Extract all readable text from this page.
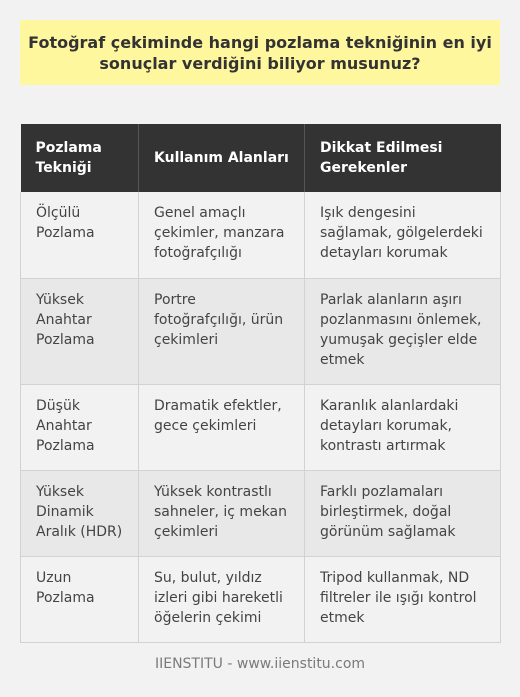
Fotoğraf çekiminde hangi pozlama tekniğinin en iyi
sonuçlar verdiğini biliyor musunuz?
Pozlama Tekniği	Kullanım Alanları	Dikkat Edilmesi Gerekenler
Ölçülü Pozlama	Genel amaçlı çekimler, manzara fotoğrafçılığı	Işık dengesini sağlamak, gölgelerdeki detayları korumak
Yüksek Anahtar Pozlama	Portre fotoğrafçılığı, ürün çekimleri	Parlak alanların aşırı pozlanmasını önlemek, yumuşak geçişler elde etmek
Düşük Anahtar Pozlama	Dramatik efektler, gece çekimleri	Karanlık alanlardaki detayları korumak, kontrastı artırmak
Yüksek Dinamik Aralık (HDR)	Yüksek kontrastlı sahneler, iç mekan çekimleri	Farklı pozlamaları birleştirmek, doğal görünüm sağlamak
Uzun Pozlama	Su, bulut, yıldız izleri gibi hareketli öğelerin çekimi	Tripod kullanmak, ND filtreler ile ışığı kontrol etmek
IIENSTITU - www.iienstitu.com
